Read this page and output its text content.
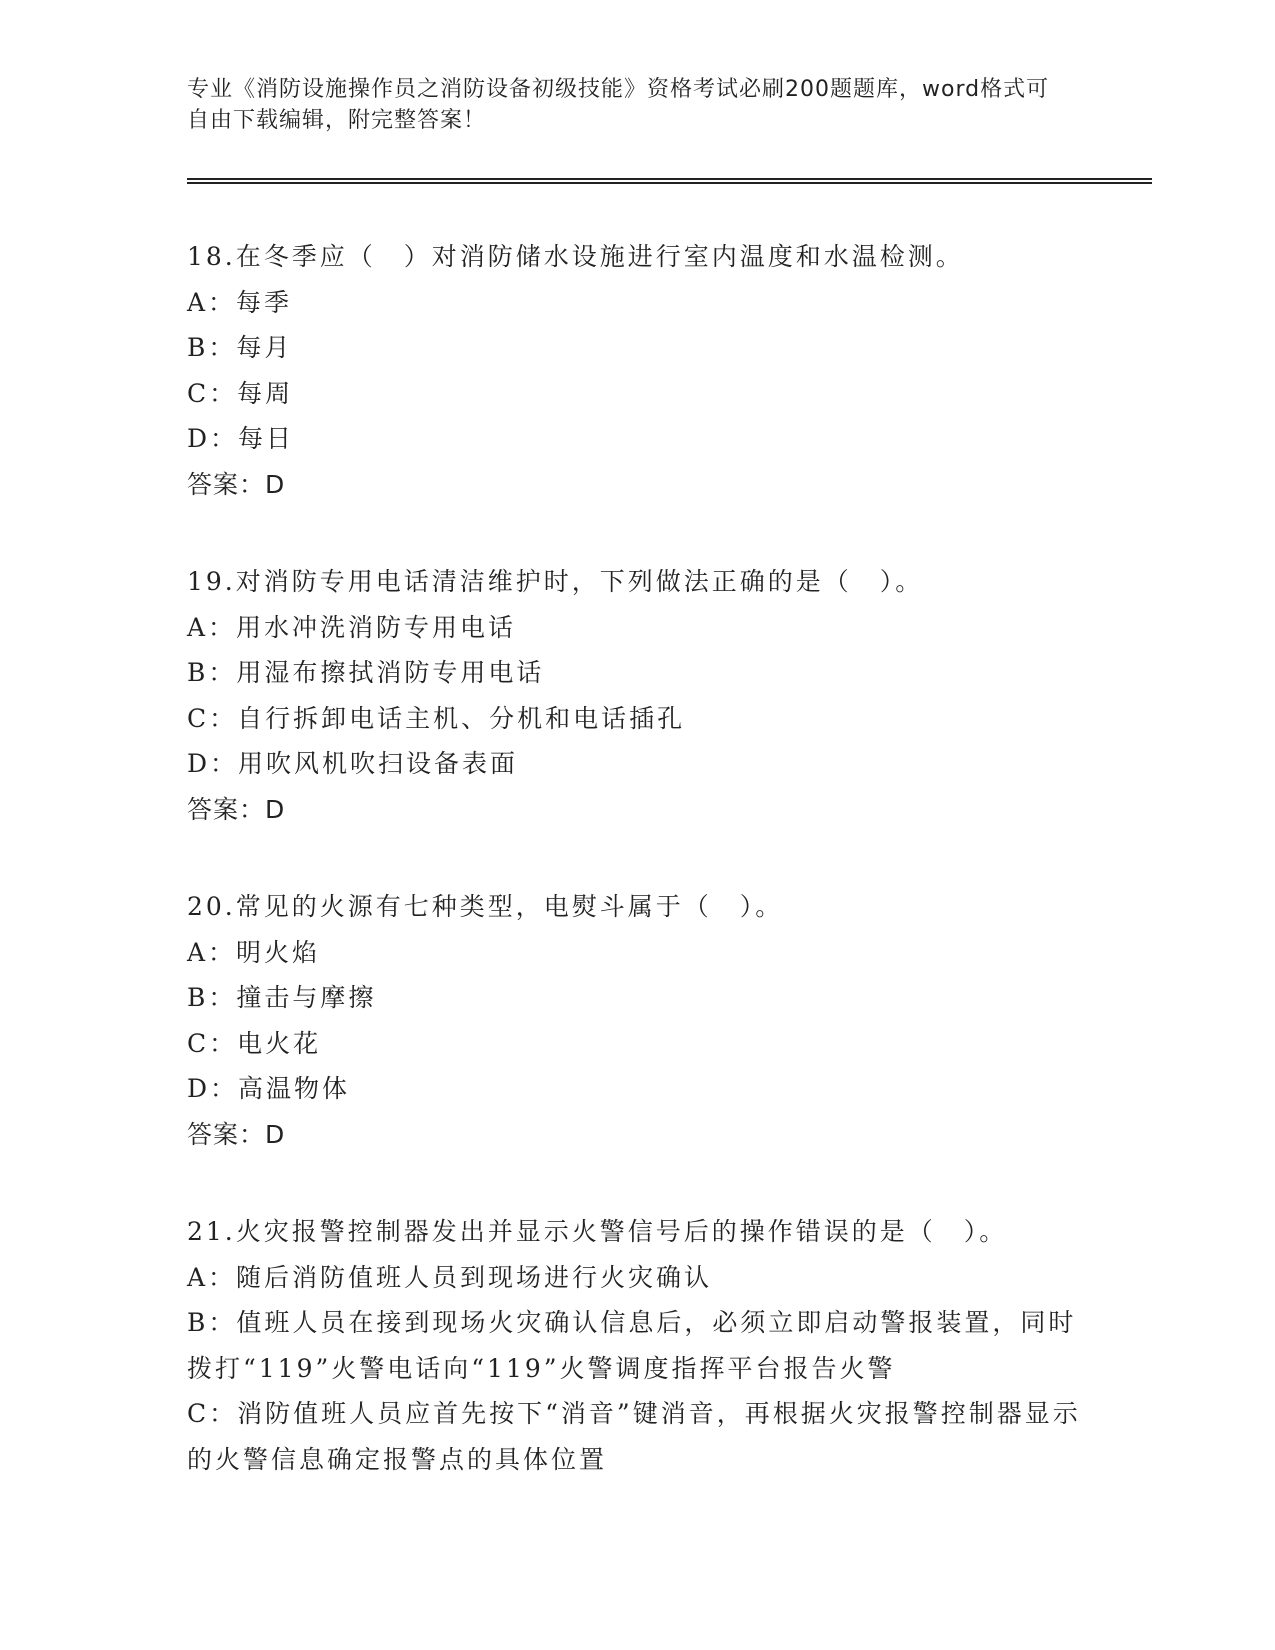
专业《消防设施操作员之消防设备初级技能》资格考试必刷200题题库，word格式可自由下载编辑，附完整答案！

18.在冬季应（　）对消防储水设施进行室内温度和水温检测。

A：每季

B：每月

C：每周

D：每日

答案：D

19.对消防专用电话清洁维护时，下列做法正确的是（　）。

A：用水冲洗消防专用电话

B：用湿布擦拭消防专用电话

C：自行拆卸电话主机、分机和电话插孔

D：用吹风机吹扫设备表面

答案：D

20.常见的火源有七种类型，电熨斗属于（　）。

A：明火焰

B：撞击与摩擦

C：电火花

D：高温物体

答案：D

21.火灾报警控制器发出并显示火警信号后的操作错误的是（　）。

A：随后消防值班人员到现场进行火灾确认

B：值班人员在接到现场火灾确认信息后，必须立即启动警报装置，同时拨打“119”火警电话向“119”火警调度指挥平台报告火警

C：消防值班人员应首先按下“消音”键消音，再根据火灾报警控制器显示的火警信息确定报警点的具体位置
